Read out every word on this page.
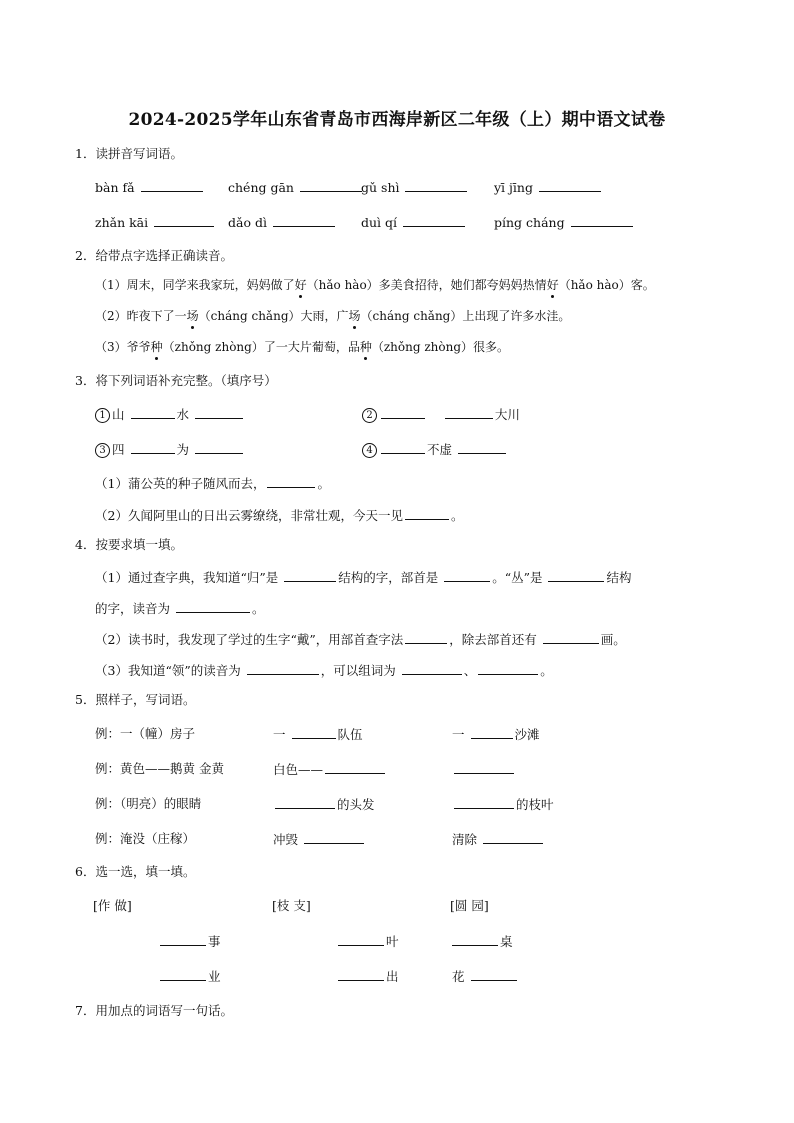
2024-2025学年山东省青岛市西海岸新区二年级（上）期中语文试卷
1．读拼音写词语。
bàn fǎ	chéng gān	gǔ shì	yī jīng
zhǎn kāi	dǎo dì	duì qí	píng cháng
2．给带点字选择正确读音。
（1）周末，同学来我家玩，妈妈做了好（hǎo hào）多美食招待，她们都夸妈妈热情好（hǎo hào）客。
（2）昨夜下了一场（cháng chǎng）大雨，广场（cháng chǎng）上出现了许多水洼。
（3）爷爷种（zhǒng zhòng）了一大片葡萄，品种（zhǒng zhòng）很多。
3．将下列词语补充完整。（填序号）
1 山	水	2	大川
3 四	为	4	不虚
（1）蒲公英的种子随风而去，	。
（2）久闻阿里山的日出云雾缭绕，非常壮观，今天一见	。
4．按要求填一填。
（1）通过查字典，我知道“归”是	结构的字，部首是	。“丛”是	结构
的字，读音为	。
（2）读书时，我发现了学过的生字“戴”，用部首查字法	，除去部首还有	画。
（3）我知道“领”的读音为	，可以组词为	、	。
5．照样子，写词语。
例：一（幢）房子	一	队伍	一	沙滩
例：黄色——鹅黄 金黄	白色——
例：（明亮）的眼睛	的头发	的枝叶
例：淹没（庄稼）	冲毁	清除
6．选一选，填一填。
[作 做]	[枝 支]	[圆 园]
事	叶	桌
业	出	花
7．用加点的词语写一句话。
